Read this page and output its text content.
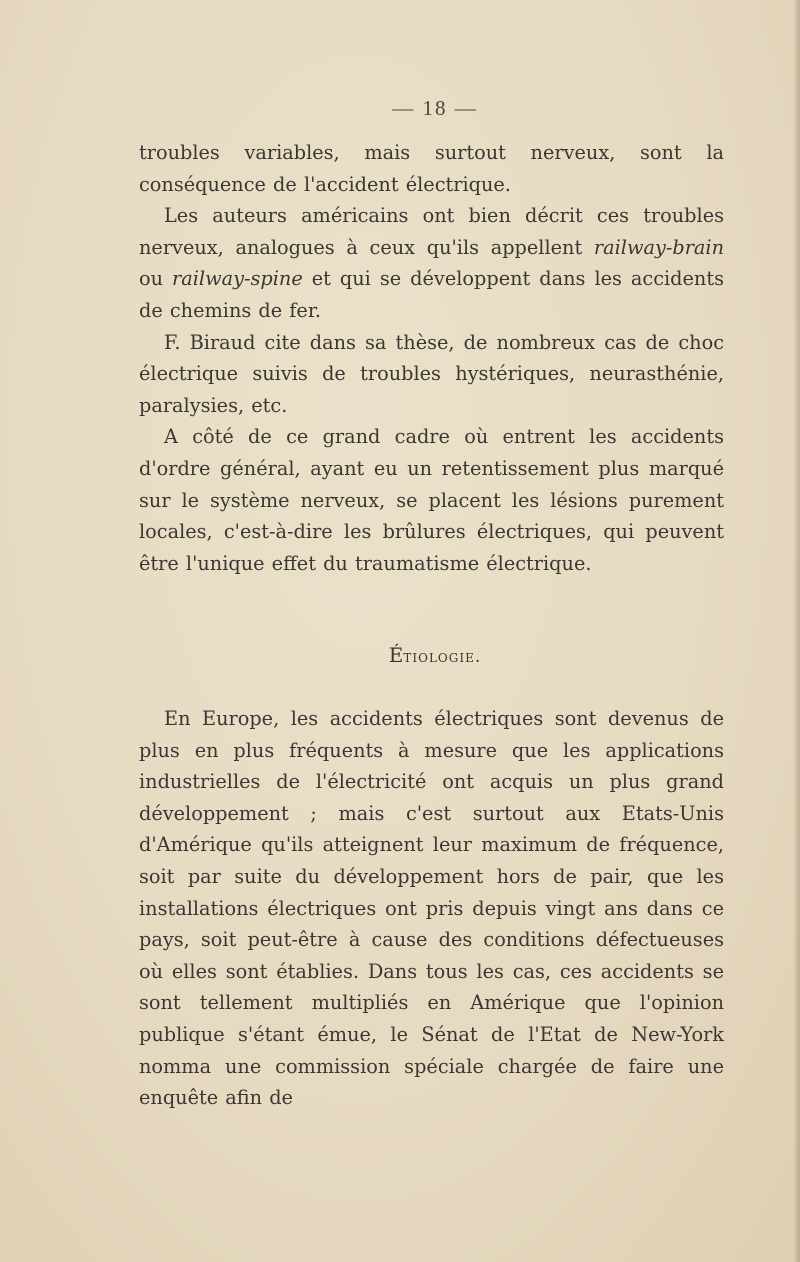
— 18 —

troubles variables, mais surtout nerveux, sont la conséquence de l'accident électrique.

Les auteurs américains ont bien décrit ces troubles nerveux, analogues à ceux qu'ils appellent railway-brain ou railway-spine et qui se développent dans les accidents de chemins de fer.

F. Biraud cite dans sa thèse, de nombreux cas de choc électrique suivis de troubles hystériques, neurasthénie, paralysies, etc.

A côté de ce grand cadre où entrent les accidents d'ordre général, ayant eu un retentissement plus marqué sur le système nerveux, se placent les lésions purement locales, c'est-à-dire les brûlures électriques, qui peuvent être l'unique effet du traumatisme électrique.

Étiologie.

En Europe, les accidents électriques sont devenus de plus en plus fréquents à mesure que les applications industrielles de l'électricité ont acquis un plus grand développement ; mais c'est surtout aux Etats-Unis d'Amérique qu'ils atteignent leur maximum de fréquence, soit par suite du développement hors de pair, que les installations électriques ont pris depuis vingt ans dans ce pays, soit peut-être à cause des conditions défectueuses où elles sont établies. Dans tous les cas, ces accidents se sont tellement multipliés en Amérique que l'opinion publique s'étant émue, le Sénat de l'Etat de New-York nomma une commission spéciale chargée de faire une enquête afin de
